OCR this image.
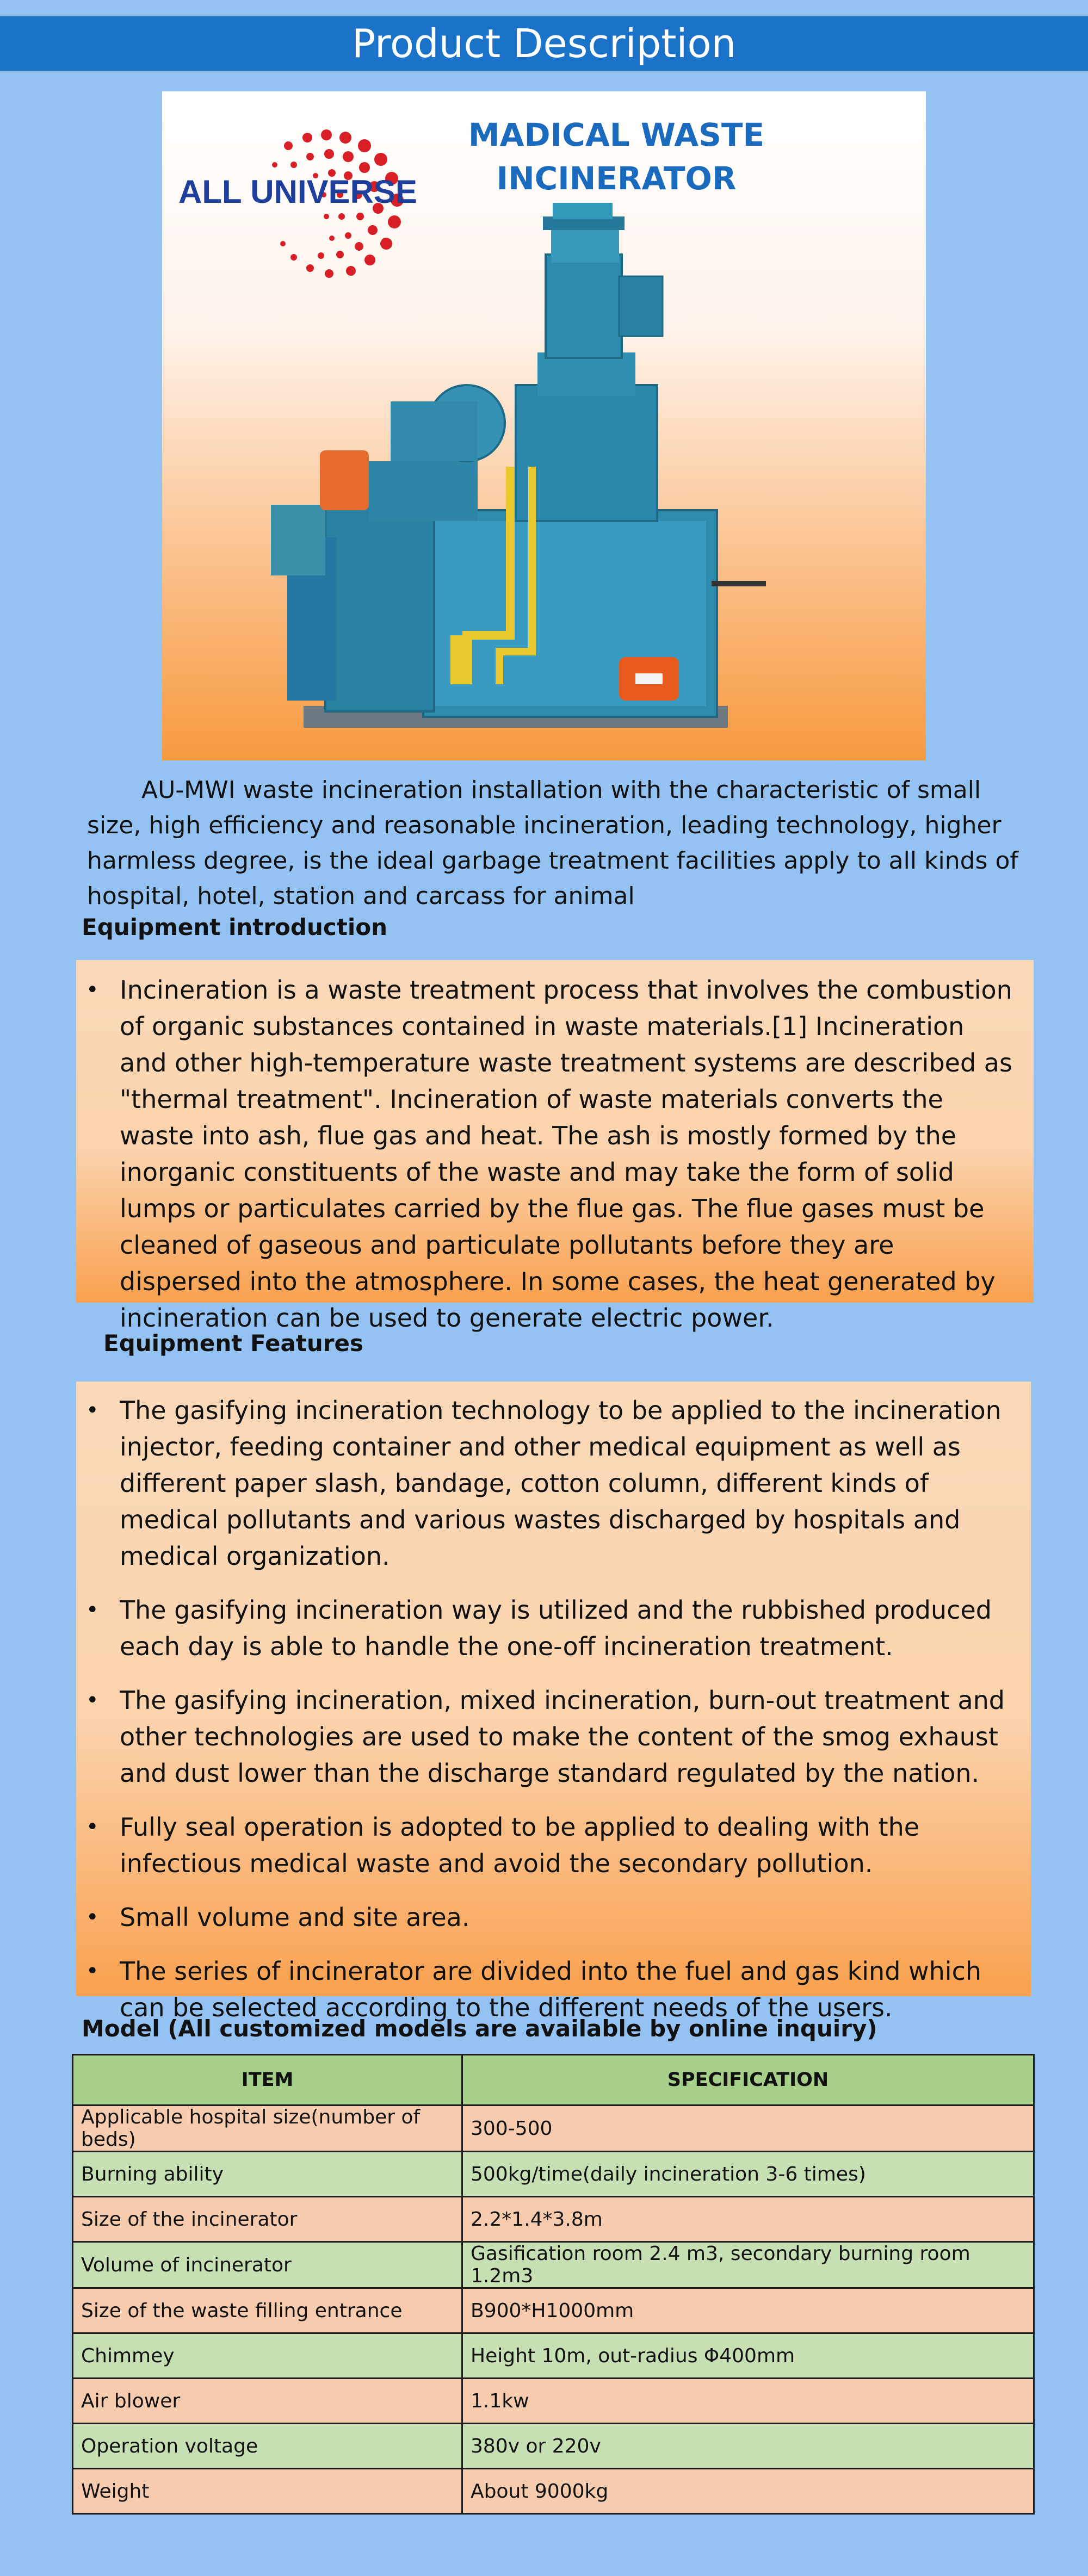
Product Description
ALL UNIVERSE
MADICAL WASTE
INCINERATOR
AU-MWI waste incineration installation with the characteristic of small size, high efficiency and reasonable incineration, leading technology, higher harmless degree, is the ideal garbage treatment facilities apply to all kinds of hospital, hotel, station and carcass for animal
Equipment introduction
• Incineration is a waste treatment process that involves the combustion of organic substances contained in waste materials.[1] Incineration and other high-temperature waste treatment systems are described as "thermal treatment". Incineration of waste materials converts the waste into ash, flue gas and heat. The ash is mostly formed by the inorganic constituents of the waste and may take the form of solid lumps or particulates carried by the flue gas. The flue gases must be cleaned of gaseous and particulate pollutants before they are dispersed into the atmosphere. In some cases, the heat generated by incineration can be used to generate electric power.
Equipment Features
• The gasifying incineration technology to be applied to the incineration injector, feeding container and other medical equipment as well as different paper slash, bandage, cotton column, different kinds of medical pollutants and various wastes discharged by hospitals and medical organization.
• The gasifying incineration way is utilized and the rubbished produced each day is able to handle the one-off incineration treatment.
• The gasifying incineration, mixed incineration, burn-out treatment and other technologies are used to make the content of the smog exhaust and dust lower than the discharge standard regulated by the nation.
• Fully seal operation is adopted to be applied to dealing with the infectious medical waste and avoid the secondary pollution.
• Small volume and site area.
• The series of incinerator are divided into the fuel and gas kind which can be selected according to the different needs of the users.
Model (All customized models are available by online inquiry)
ITEM	SPECIFICATION
Applicable hospital size(number of beds)	300-500
Burning ability	500kg/time(daily incineration 3-6 times)
Size of the incinerator	2.2*1.4*3.8m
Volume of incinerator	Gasification room 2.4 m3, secondary burning room 1.2m3
Size of the waste filling entrance	B900*H1000mm
Chimmey	Height 10m, out-radius Φ400mm
Air blower	1.1kw
Operation voltage	380v or 220v
Weight	About 9000kg
